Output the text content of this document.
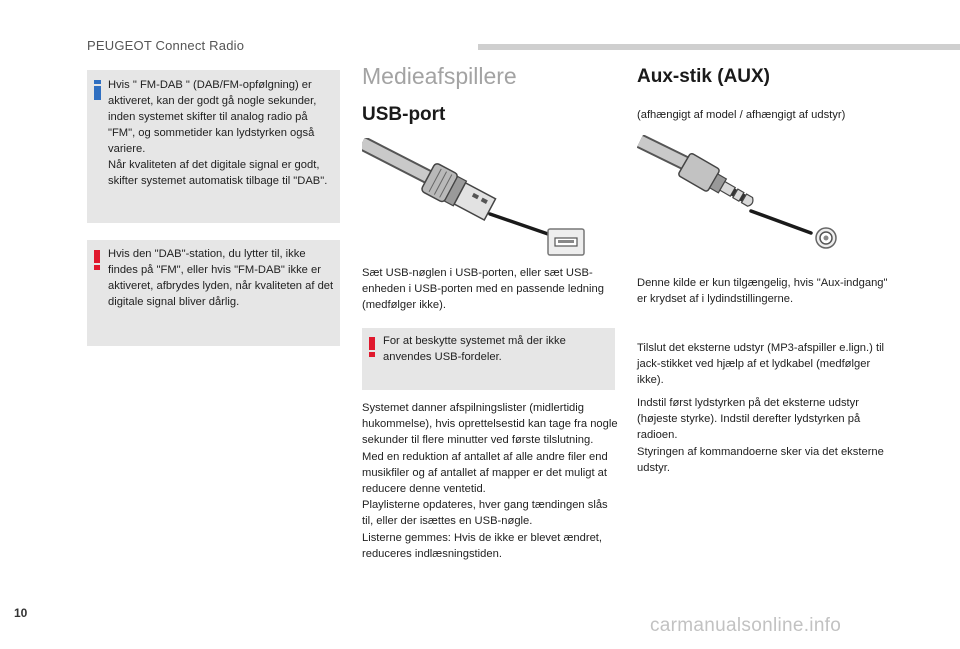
PEUGEOT Connect Radio
Hvis " FM-DAB " (DAB/FM-opfølgning) er aktiveret, kan der godt gå nogle sekunder, inden systemet skifter til analog radio på "FM", og sommetider kan lydstyrken også variere.
Når kvaliteten af det digitale signal er godt, skifter systemet automatisk tilbage til "DAB".
Hvis den "DAB"-station, du lytter til, ikke findes på "FM", eller hvis "FM-DAB" ikke er aktiveret, afbrydes lyden, når kvaliteten af det digitale signal bliver dårlig.
Medieafspillere
USB-port
Sæt USB-nøglen i USB-porten, eller sæt USB-enheden i USB-porten med en passende ledning (medfølger ikke).
For at beskytte systemet må der ikke anvendes USB-fordeler.
Systemet danner afspilningslister (midlertidig hukommelse), hvis oprettelsestid kan tage fra nogle sekunder til flere minutter ved første tilslutning.
Med en reduktion af antallet af alle andre filer end musikfiler og af antallet af mapper er det muligt at reducere denne ventetid.
Playlisterne opdateres, hver gang tændingen slås til, eller der isættes en USB-nøgle.
Listerne gemmes: Hvis de ikke er blevet ændret, reduceres indlæsningstiden.
Aux-stik (AUX)
(afhængigt af model / afhængigt af udstyr)
Denne kilde er kun tilgængelig, hvis "Aux-indgang" er krydset af i lydindstillingerne.
Tilslut det eksterne udstyr (MP3-afspiller e.lign.) til jack-stikket ved hjælp af et lydkabel (medfølger ikke).
Indstil først lydstyrken på det eksterne udstyr (højeste styrke). Indstil derefter lydstyrken på radioen.
Styringen af kommandoerne sker via det eksterne udstyr.
10
carmanualsonline.info
